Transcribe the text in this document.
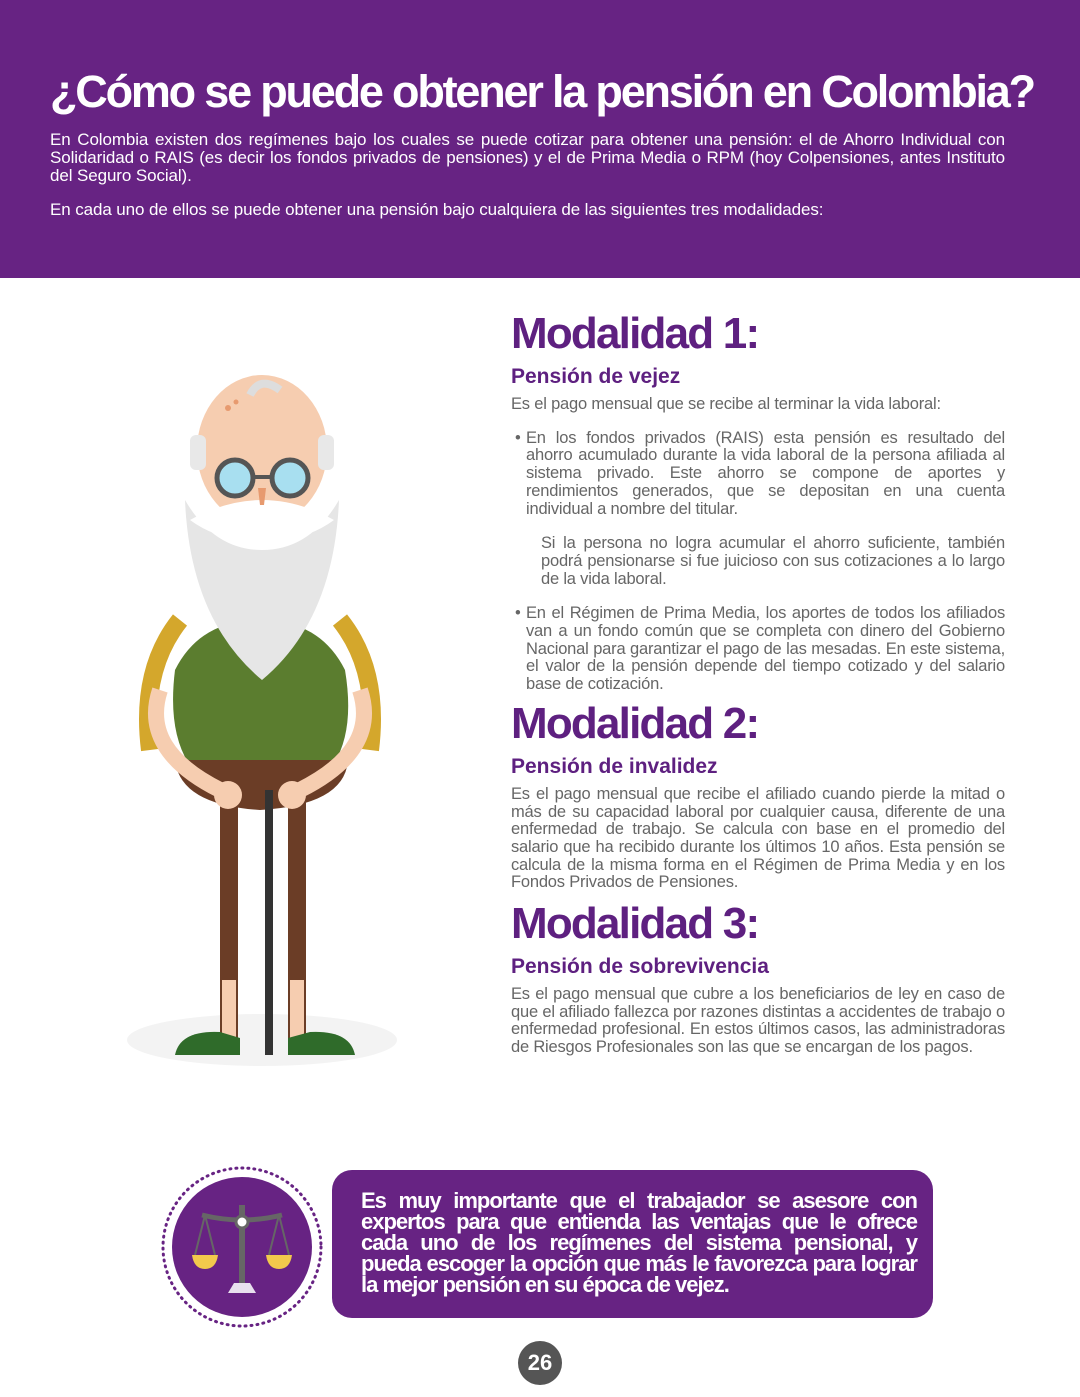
¿Cómo se puede obtener la pensión en Colombia?

En Colombia existen dos regímenes bajo los cuales se puede cotizar para obtener una pensión: el de Ahorro Individual con Solidaridad o RAIS (es decir los fondos privados de pensiones) y el de Prima Media o RPM (hoy Colpensiones, antes Instituto del Seguro Social).

En cada uno de ellos se puede obtener una pensión bajo cualquiera de las siguientes tres modalidades:

Modalidad 1:
Pensión de vejez

Es el pago mensual que se recibe al terminar la vida laboral:

• En los fondos privados (RAIS) esta pensión es resultado del ahorro acumulado durante la vida laboral de la persona afiliada al sistema privado. Este ahorro se compone de aportes y rendimientos generados, que se depositan en una cuenta individual a nombre del titular.

Si la persona no logra acumular el ahorro suficiente, también podrá pensionarse si fue juicioso con sus cotizaciones a lo largo de la vida laboral.

• En el Régimen de Prima Media, los aportes de todos los afiliados van a un fondo común que se completa con dinero del Gobierno Nacional para garantizar el pago de las mesadas. En este sistema, el valor de la pensión depende del tiempo cotizado y del salario base de cotización.
Modalidad 2:
Pensión de invalidez

Es el pago mensual que recibe el afiliado cuando pierde la mitad o más de su capacidad laboral por cualquier causa, diferente de una enfermedad de trabajo. Se calcula con base en el promedio del salario que ha recibido durante los últimos 10 años. Esta pensión se calcula de la misma forma en el Régimen de Prima Media y en los Fondos Privados de Pensiones.

Modalidad 3:
Pensión de sobrevivencia

Es el pago mensual que cubre a los beneficiarios de ley en caso de que el afiliado fallezca por razones distintas a accidentes de trabajo o enfermedad profesional. En estos últimos casos, las administradoras de Riesgos Profesionales son las que se encargan de los pagos.

Es muy importante que el trabajador se asesore con expertos para que entienda las ventajas que le ofrece cada uno de los regímenes del sistema pensional, y pueda escoger la opción que más le favorezca para lograr la mejor pensión en su época de vejez.

26
